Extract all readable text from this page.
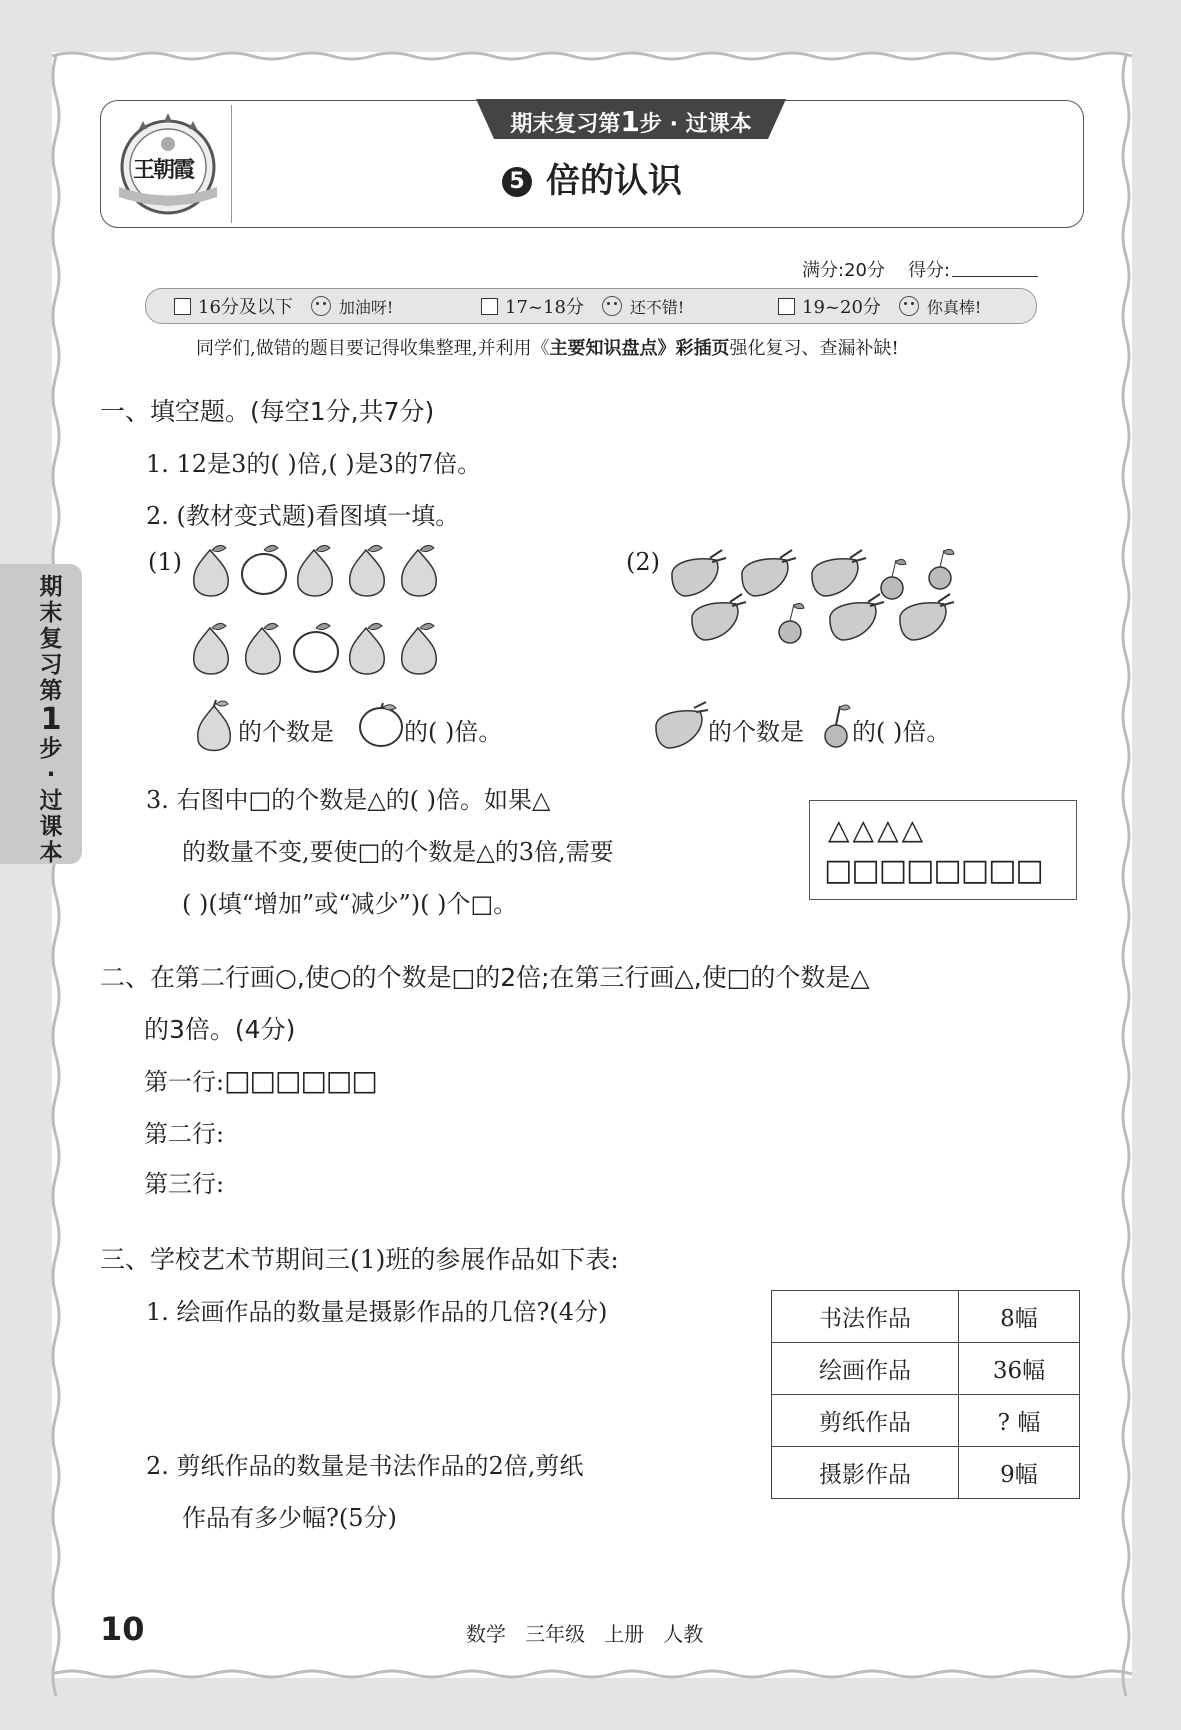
王朝霞
期末复习第1步 · 过课本
5 倍的认识
满分:20分 得分:
16分及以下	加油呀!	17~18分	还不错!	19~20分	你真棒!
同学们,做错的题目要记得收集整理,并利用《主要知识盘点》彩插页强化复习、查漏补缺!
期
末
复
习
第
1
步
·
过
课
本
一、填空题。(每空1分,共7分)
1. 12是3的( )倍,( )是3的7倍。
2. (教材变式题)看图填一填。
(1)	(2)
的个数是	的( )倍。	的个数是 的( )倍。
3. 右图中□的个数是△的( )倍。如果△
的数量不变,要使□的个数是△的3倍,需要
( )(填“增加”或“减少”)( )个□。
△△△△
□□□□□□□□
二、在第二行画○,使○的个数是□的2倍;在第三行画△,使□的个数是△
的3倍。(4分)
第一行:□□□□□□
第二行:
第三行:
三、学校艺术节期间三(1)班的参展作品如下表:
1. 绘画作品的数量是摄影作品的几倍?(4分)
2. 剪纸作品的数量是书法作品的2倍,剪纸
作品有多少幅?(5分)
书法作品	8幅
绘画作品	36幅
剪纸作品	? 幅
摄影作品	9幅
10	数学   三年级   上册   人教
